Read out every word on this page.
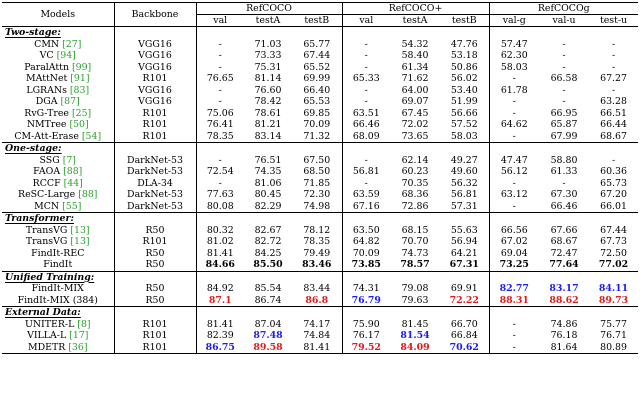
Models	Backbone	RefCOCO			RefCOCO+			RefCOCOg		
		val	testA	testB	val	testA	testB	val-g	val-u	test-u
Two-stage:										
CMN [27]	VGG16	-	71.03	65.77	-	54.32	47.76	57.47	-	-
VC [94]	VGG16	-	73.33	67.44	-	58.40	53.18	62.30	-	-
ParalAttn [99]	VGG16	-	75.31	65.52	-	61.34	50.86	58.03	-	-
MAttNet [91]	R101	76.65	81.14	69.99	65.33	71.62	56.02	-	66.58	67.27
LGRANs [83]	VGG16	-	76.60	66.40	-	64.00	53.40	61.78	-	-
DGA [87]	VGG16	-	78.42	65.53	-	69.07	51.99	-	-	63.28
RvG-Tree [25]	R101	75.06	78.61	69.85	63.51	67.45	56.66	-	66.95	66.51
NMTree [50]	R101	76.41	81.21	70.09	66.46	72.02	57.52	64.62	65.87	66.44
CM-Att-Erase [54]	R101	78.35	83.14	71.32	68.09	73.65	58.03	-	67.99	68.67
One-stage:										
SSG [7]	DarkNet-53	-	76.51	67.50	-	62.14	49.27	47.47	58.80	-
FAOA [88]	DarkNet-53	72.54	74.35	68.50	56.81	60.23	49.60	56.12	61.33	60.36
RCCF [44]	DLA-34	-	81.06	71.85	-	70.35	56.32	-	-	65.73
ReSC-Large [88]	DarkNet-53	77.63	80.45	72.30	63.59	68.36	56.81	63.12	67.30	67.20
MCN [55]	DarkNet-53	80.08	82.29	74.98	67.16	72.86	57.31	-	66.46	66.01
Transformer:										
TransVG [13]	R50	80.32	82.67	78.12	63.50	68.15	55.63	66.56	67.66	67.44
TransVG [13]	R101	81.02	82.72	78.35	64.82	70.70	56.94	67.02	68.67	67.73
FindIt-REC	R50	81.41	84.25	79.49	70.09	74.73	64.21	69.04	72.47	72.50
FindIt	R50	84.66	85.50	83.46	73.85	78.57	67.31	73.25	77.64	77.02
Unified Training:										
FindIt-MIX	R50	84.92	85.54	83.44	74.31	79.08	69.91	82.77	83.17	84.11
FindIt-MIX (384)	R50	87.1	86.74	86.8	76.79	79.63	72.22	88.31	88.62	89.73
External Data:										
UNITER-L [8]	R101	81.41	87.04	74.17	75.90	81.45	66.70	-	74.86	75.77
VILLA-L [17]	R101	82.39	87.48	74.84	76.17	81.54	66.84	-	76.18	76.71
MDETR [36]	R101	86.75	89.58	81.41	79.52	84.09	70.62	-	81.64	80.89
